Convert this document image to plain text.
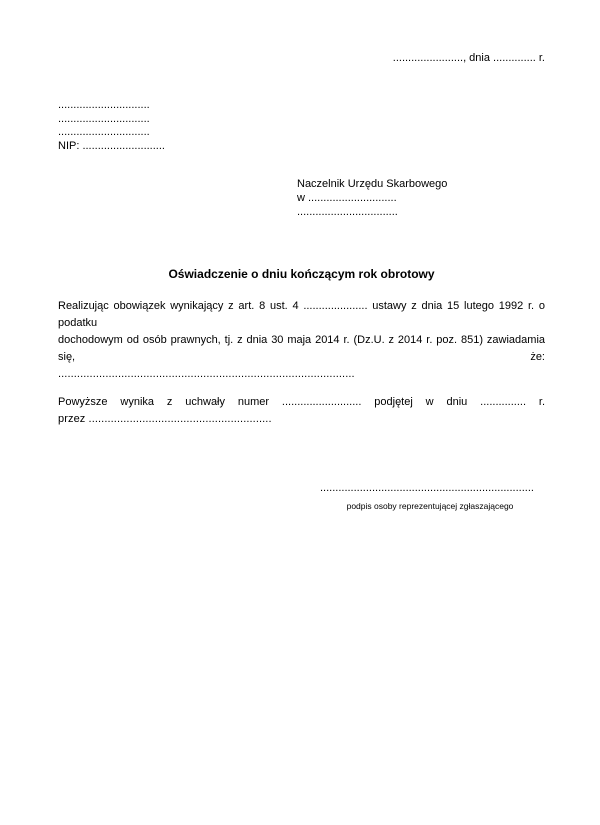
......................., dnia .............. r.
..............................
..............................
..............................
NIP: ...........................
Naczelnik Urzędu Skarbowego
w .............................
.................................
Oświadczenie o dniu kończącym rok obrotowy
Realizując obowiązek wynikający z art. 8 ust. 4 ..................... ustawy z dnia 15 lutego 1992 r. o podatku
dochodowym od osób prawnych, tj. z dnia 30 maja 2014 r. (Dz.U. z 2014 r. poz. 851) zawiadamia się, że:
..............................................................................................
Powyższe wynika z uchwały numer .......................... podjętej w dniu ............... r.
przez ..........................................................
......................................................................
podpis osoby reprezentującej zgłaszającego
